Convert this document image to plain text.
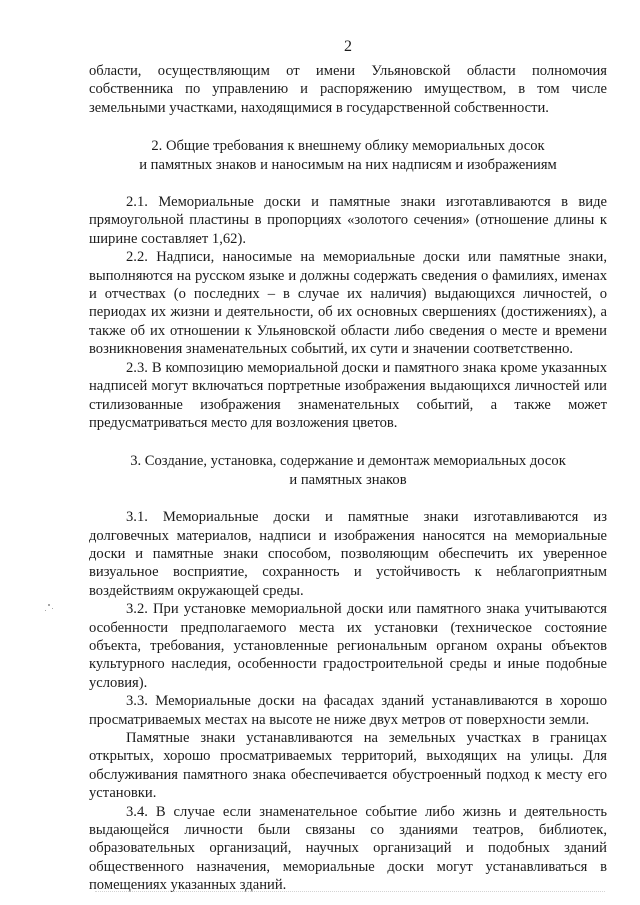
2

области, осуществляющим от имени Ульяновской области полномочия собственника по управлению и распоряжению имуществом, в том числе земельными участками, находящимися в государственной собственности.

2. Общие требования к внешнему облику мемориальных досок
и памятных знаков и наносимым на них надписям и изображениям

2.1. Мемориальные доски и памятные знаки изготавливаются в виде прямоугольной пластины в пропорциях «золотого сечения» (отношение длины к ширине составляет 1,62).

2.2. Надписи, наносимые на мемориальные доски или памятные знаки, выполняются на русском языке и должны содержать сведения о фамилиях, именах и отчествах (о последних – в случае их наличия) выдающихся личностей, о периодах их жизни и деятельности, об их основных свершениях (достижениях), а также об их отношении к Ульяновской области либо сведения о месте и времени возникновения знаменательных событий, их сути и значении соответственно.

2.3. В композицию мемориальной доски и памятного знака кроме указанных надписей могут включаться портретные изображения выдающихся личностей или стилизованные изображения знаменательных событий, а также может предусматриваться место для возложения цветов.

3. Создание, установка, содержание и демонтаж мемориальных досок
и памятных знаков

3.1. Мемориальные доски и памятные знаки изготавливаются из долговечных материалов, надписи и изображения наносятся на мемориальные доски и памятные знаки способом, позволяющим обеспечить их уверенное визуальное восприятие, сохранность и устойчивость к неблагоприятным воздействиям окружающей среды.

3.2. При установке мемориальной доски или памятного знака учитываются особенности предполагаемого места их установки (техническое состояние объекта, требования, установленные региональным органом охраны объектов культурного наследия, особенности градостроительной среды и иные подобные условия).

3.3. Мемориальные доски на фасадах зданий устанавливаются в хорошо просматриваемых местах на высоте не ниже двух метров от поверхности земли.

Памятные знаки устанавливаются на земельных участках в границах открытых, хорошо просматриваемых территорий, выходящих на улицы. Для обслуживания памятного знака обеспечивается обустроенный подход к месту его установки.

3.4. В случае если знаменательное событие либо жизнь и деятельность выдающейся личности были связаны со зданиями театров, библиотек, образовательных организаций, научных организаций и подобных зданий общественного назначения, мемориальные доски могут устанавливаться в помещениях указанных зданий.
